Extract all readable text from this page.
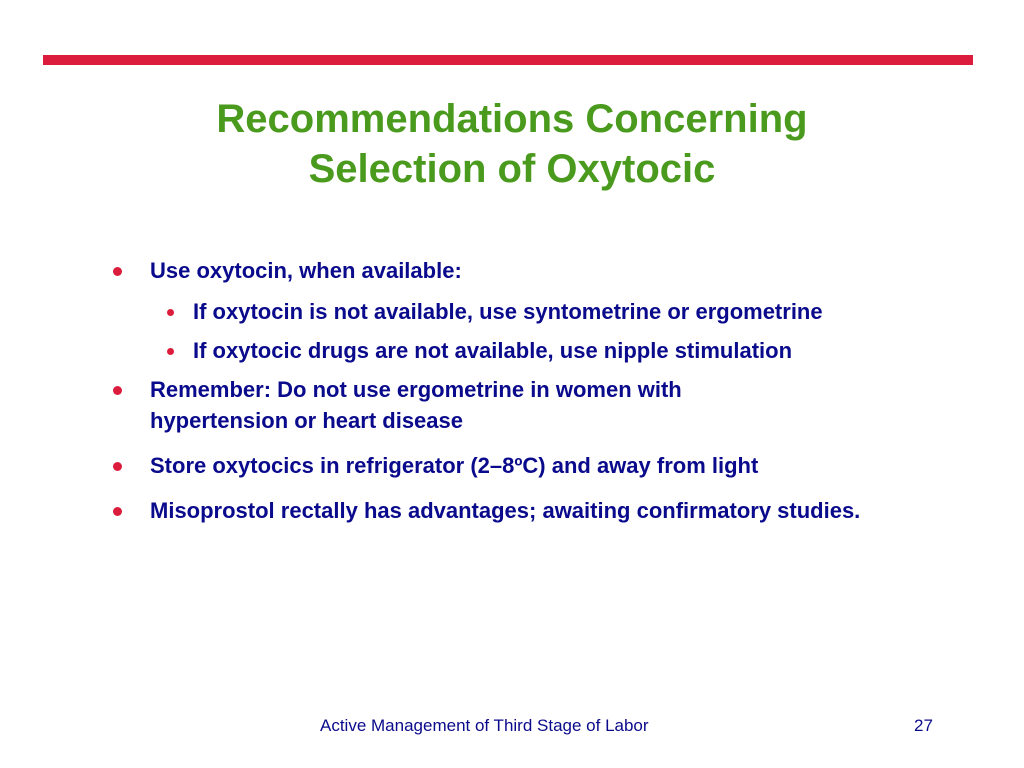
Recommendations Concerning
Selection of Oxytocic
Use oxytocin, when available:
If oxytocin is not available, use syntometrine or ergometrine
If oxytocic drugs are not available, use nipple stimulation
Remember: Do not use ergometrine in women with hypertension or heart disease
Store oxytocics in refrigerator (2–8ºC) and away from light
Misoprostol rectally has advantages; awaiting confirmatory studies.
Active Management of Third Stage of Labor	27
